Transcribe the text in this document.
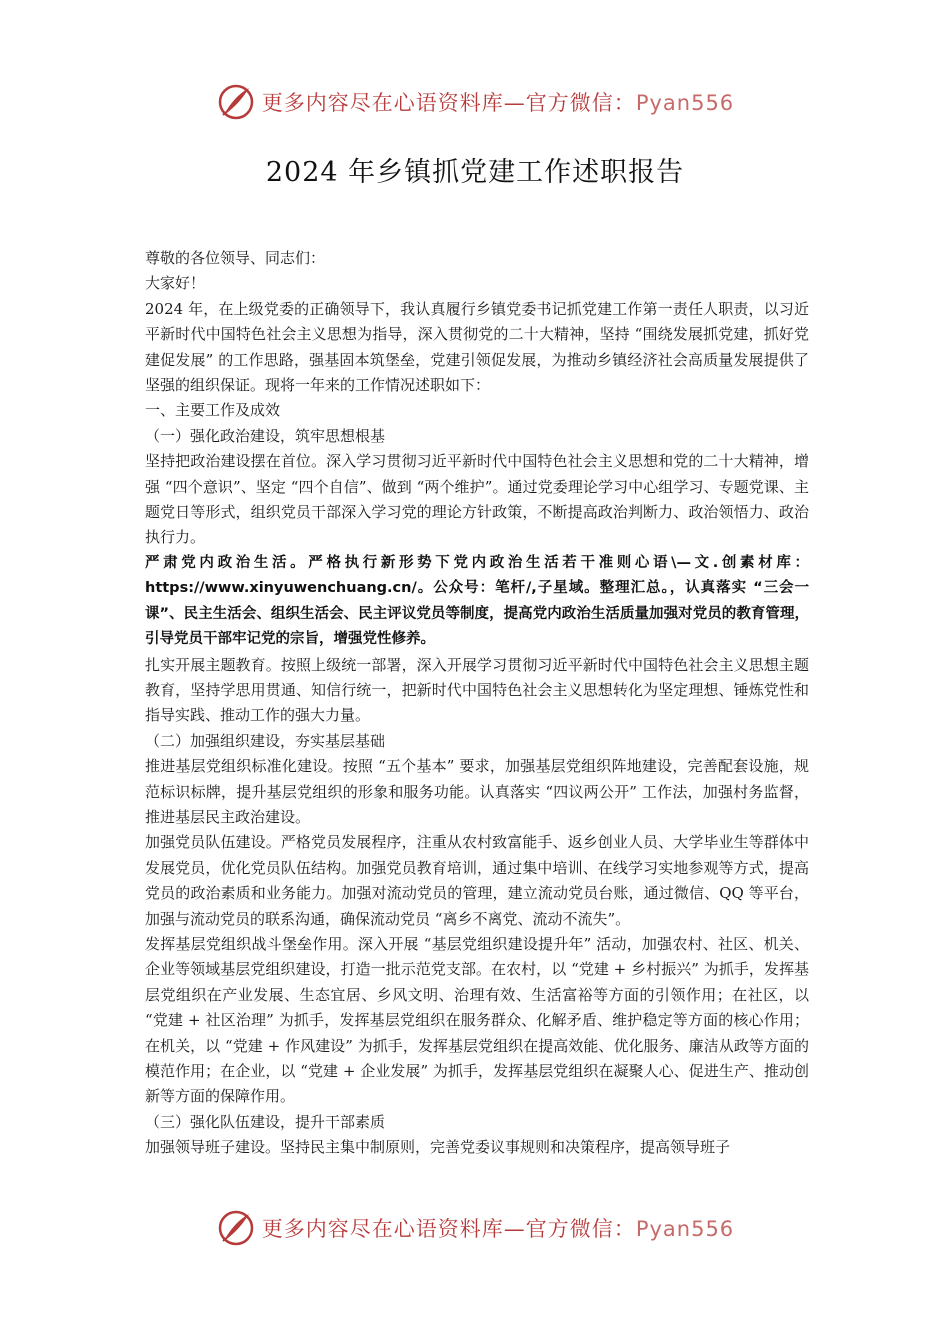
更多内容尽在心语资料库—官方微信：Pyan556
2024 年乡镇抓党建工作述职报告

尊敬的各位领导、同志们：

大家好！

2024 年，在上级党委的正确领导下，我认真履行乡镇党委书记抓党建工作第一责任人职责，以习近平新时代中国特色社会主义思想为指导，深入贯彻党的二十大精神，坚持 “围绕发展抓党建，抓好党建促发展” 的工作思路，强基固本筑堡垒，党建引领促发展，为推动乡镇经济社会高质量发展提供了坚强的组织保证。现将一年来的工作情况述职如下：

一、主要工作及成效

（一）强化政治建设，筑牢思想根基

坚持把政治建设摆在首位。深入学习贯彻习近平新时代中国特色社会主义思想和党的二十大精神，增强 “四个意识”、坚定 “四个自信”、做到 “两个维护”。通过党委理论学习中心组学习、专题党课、主题党日等形式，组织党员干部深入学习党的理论方针政策，不断提高政治判断力、政治领悟力、政治执行力。

严肃党内政治生活。严格执行新形势下党内政治生活若干准则心语\—文.创素材库：https://www.xinyuwenchuang.cn/。公众号：笔杆/,子星域。整理汇总。，认真落实 “三会一课”、民主生活会、组织生活会、民主评议党员等制度，提高党内政治生活质量加强对党员的教育管理，引导党员干部牢记党的宗旨，增强党性修养。

扎实开展主题教育。按照上级统一部署，深入开展学习贯彻习近平新时代中国特色社会主义思想主题教育，坚持学思用贯通、知信行统一，把新时代中国特色社会主义思想转化为坚定理想、锤炼党性和指导实践、推动工作的强大力量。

（二）加强组织建设，夯实基层基础

推进基层党组织标准化建设。按照 “五个基本” 要求，加强基层党组织阵地建设，完善配套设施，规范标识标牌，提升基层党组织的形象和服务功能。认真落实 “四议两公开” 工作法，加强村务监督，推进基层民主政治建设。

加强党员队伍建设。严格党员发展程序，注重从农村致富能手、返乡创业人员、大学毕业生等群体中发展党员，优化党员队伍结构。加强党员教育培训，通过集中培训、在线学习实地参观等方式，提高党员的政治素质和业务能力。加强对流动党员的管理，建立流动党员台账，通过微信、QQ 等平台，加强与流动党员的联系沟通，确保流动党员 “离乡不离党、流动不流失”。

发挥基层党组织战斗堡垒作用。深入开展 “基层党组织建设提升年” 活动，加强农村、社区、机关、企业等领域基层党组织建设，打造一批示范党支部。在农村，以 “党建 + 乡村振兴” 为抓手，发挥基层党组织在产业发展、生态宜居、乡风文明、治理有效、生活富裕等方面的引领作用；在社区，以 “党建 + 社区治理” 为抓手，发挥基层党组织在服务群众、化解矛盾、维护稳定等方面的核心作用；在机关，以 “党建 + 作风建设” 为抓手，发挥基层党组织在提高效能、优化服务、廉洁从政等方面的模范作用；在企业，以 “党建 + 企业发展” 为抓手，发挥基层党组织在凝聚人心、促进生产、推动创新等方面的保障作用。

（三）强化队伍建设，提升干部素质

加强领导班子建设。坚持民主集中制原则，完善党委议事规则和决策程序，提高领导班子

更多内容尽在心语资料库—官方微信：Pyan556
